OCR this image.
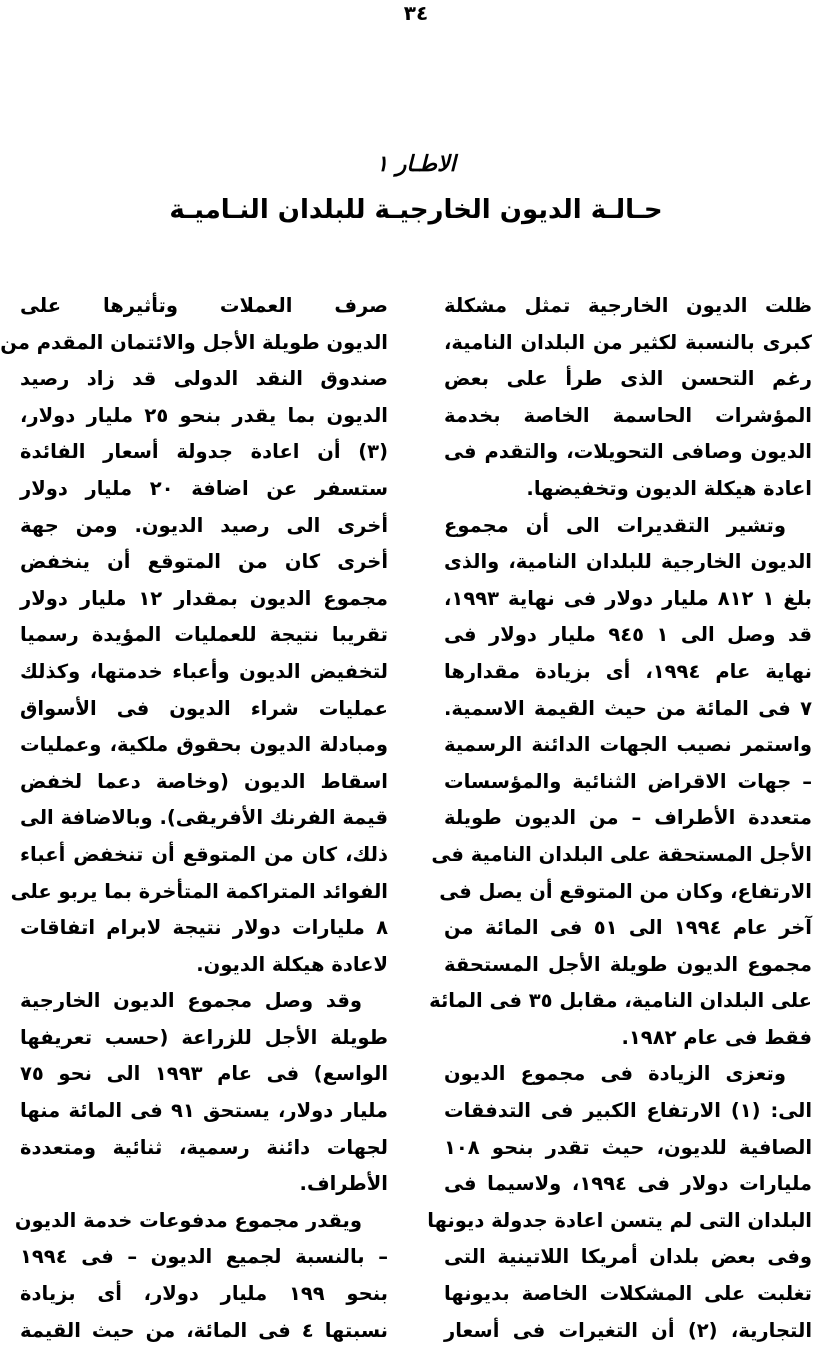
٣٤
الاطـار ١
حـالـة الديون الخارجيـة للبلدان النـاميـة
ظلت الديون الخارجية تمثل مشكلة
كبرى بالنسبة لكثير من البلدان النامية،
رغم التحسن الذى طرأ على بعض
المؤشرات الحاسمة الخاصة بخدمة
الديون وصافى التحويلات، والتقدم فى
اعادة هيكلة الديون وتخفيضها.
وتشير التقديرات الى أن مجموع
الديون الخارجية للبلدان النامية، والذى
بلغ ١ ٨١٢ مليار دولار فى نهاية ١٩٩٣،
قد وصل الى ١ ٩٤٥ مليار دولار فى
نهاية عام ١٩٩٤، أى بزيادة مقدارها
٧ فى المائة من حيث القيمة الاسمية.
واستمر نصيب الجهات الدائنة الرسمية
– جهات الاقراض الثنائية والمؤسسات
متعددة الأطراف – من الديون طويلة
الأجل المستحقة على البلدان النامية فى
الارتفاع، وكان من المتوقع أن يصل فى
آخر عام ١٩٩٤ الى ٥١ فى المائة من
مجموع الديون طويلة الأجل المستحقة
على البلدان النامية، مقابل ٣٥ فى المائة
فقط فى عام ١٩٨٢.
وتعزى الزيادة فى مجموع الديون
الى: (١) الارتفاع الكبير فى التدفقات
الصافية للديون، حيث تقدر بنحو ١٠٨
مليارات دولار فى ١٩٩٤، ولاسيما فى
البلدان التى لم يتسن اعادة جدولة ديونها
وفى بعض بلدان أمريكا اللاتينية التى
تغلبت على المشكلات الخاصة بديونها
التجارية، (٢) أن التغيرات فى أسعار
صرف العملات وتأثيرها على
الديون طويلة الأجل والائتمان المقدم من
صندوق النقد الدولى قد زاد رصيد
الديون بما يقدر بنحو ٢٥ مليار دولار،
(٣) أن اعادة جدولة أسعار الفائدة
ستسفر عن اضافة ٢٠ مليار دولار
أخرى الى رصيد الديون. ومن جهة
أخرى كان من المتوقع أن ينخفض
مجموع الديون بمقدار ١٢ مليار دولار
تقريبا نتيجة للعمليات المؤيدة رسميا
لتخفيض الديون وأعباء خدمتها، وكذلك
عمليات شراء الديون فى الأسواق
ومبادلة الديون بحقوق ملكية، وعمليات
اسقاط الديون (وخاصة دعما لخفض
قيمة الفرنك الأفريقى). وبالاضافة الى
ذلك، كان من المتوقع أن تنخفض أعباء
الفوائد المتراكمة المتأخرة بما يربو على
٨ مليارات دولار نتيجة لابرام اتفاقات
لاعادة هيكلة الديون.
وقد وصل مجموع الديون الخارجية
طويلة الأجل للزراعة (حسب تعريفها
الواسع) فى عام ١٩٩٣ الى نحو ٧٥
مليار دولار، يستحق ٩١ فى المائة منها
لجهات دائنة رسمية، ثنائية ومتعددة
الأطراف.
ويقدر مجموع مدفوعات خدمة الديون
– بالنسبة لجميع الديون – فى ١٩٩٤
بنحو ١٩٩ مليار دولار، أى بزيادة
نسبتها ٤ فى المائة، من حيث القيمة
